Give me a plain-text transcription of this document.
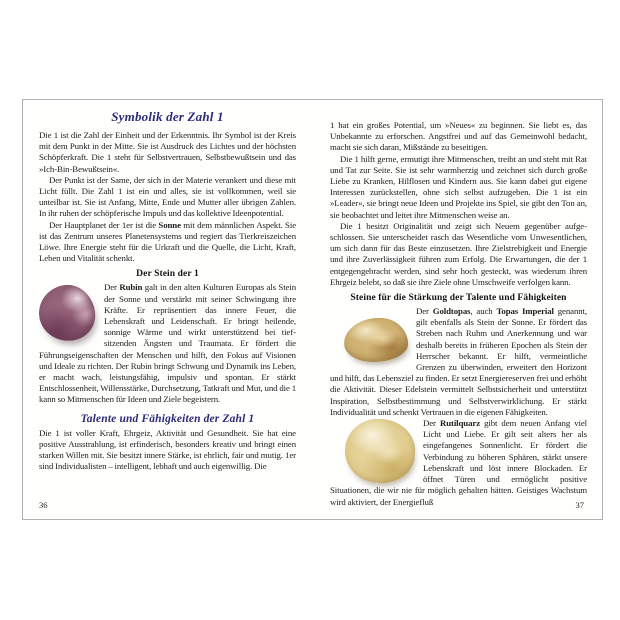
Symbolik der Zahl 1

Die 1 ist die Zahl der Einheit und der Erkenntnis. Ihr Symbol ist der Kreis mit dem Punkt in der Mitte. Sie ist Ausdruck des Lichtes und der höchsten Schöpferkraft. Die 1 steht für Selbstvertrauen, Selbstbewußtsein und das »Ich-Bin-Bewußtsein«.

Der Punkt ist der Same, der sich in der Materie verankert und diese mit Licht füllt. Die Zahl 1 ist ein und alles, sie ist vollkommen, weil sie unteilbar ist. Sie ist Anfang, Mitte, Ende und Mutter aller übrigen Zahlen. In ihr ruhen der schöpferische Impuls und das kollektive Ideenpotential.

Der Hauptplanet der 1er ist die Sonne mit dem männlichen Aspekt. Sie ist das Zentrum unseres Planetensystems und regiert das Tierkreiszeichen Löwe. Ihre Energie steht für die Urkraft und die Quelle, die Licht, Kraft, Leben und Vitalität schenkt.

Der Stein der 1

Der Rubin galt in den alten Kulturen Europas als Stein der Sonne und verstärkt mit seiner Schwingung ihre Kräfte. Er repräsentiert das innere Feuer, die Lebenskraft und Leidenschaft. Er bringt heilende, sonnige Wärme und wirkt unterstützend bei tiefsitzenden Ängsten und Traumata. Er fördert die Führungseigenschaften der Menschen und hilft, den Fokus auf Visionen und Ideale zu richten. Der Rubin bringt Schwung und Dynamik ins Leben, er macht wach, leistungsfähig, impulsiv und spontan. Er stärkt Entschlossenheit, Willensstärke, Durchsetzung, Tatkraft und Mut, und die 1 kann so Mitmenschen für Ideen und Ziele begeistern.

Talente und Fähigkeiten der Zahl 1

Die 1 ist voller Kraft, Ehrgeiz, Aktivität und Gesundheit. Sie hat eine positive Ausstrahlung, ist erfinderisch, besonders kreativ und bringt einen starken Willen mit. Sie besitzt innere Stärke, ist ehrlich, fair und mutig. 1er sind Individualisten – intelligent, lebhaft und auch eigenwillig. Die

1 hat ein großes Potential, um »Neues« zu beginnen. Sie liebt es, das Unbekannte zu erforschen. Angstfrei und auf das Gemeinwohl bedacht, macht sie sich daran, Mißstände zu beseitigen.

Die 1 hilft gerne, ermutigt ihre Mitmenschen, treibt an und steht mit Rat und Tat zur Seite. Sie ist sehr warmherzig und zeichnet sich durch große Liebe zu Kranken, Hilflosen und Kindern aus. Sie kann dabei gut eigene Interessen zurückstellen, ohne sich selbst aufzugeben. Die 1 ist ein »Leader«, sie bringt neue Ideen und Projekte ins Spiel, sie gibt den Ton an, sie beobachtet und leitet ihre Mitmenschen weise an.

Die 1 besitzt Originalität und zeigt sich Neuem gegenüber aufgeschlossen. Sie unterscheidet rasch das Wesentliche vom Unwesentlichen, um sich dann für das Beste einzusetzen. Ihre Zielstrebigkeit und Energie und ihre Zuverlässigkeit führen zum Erfolg. Die Erwartungen, die der 1 entgegengebracht werden, sind sehr hoch gesteckt, was wiederum ihren Ehrgeiz belebt, so daß sie ihre Ziele ohne Umschweife verfolgen kann.

Steine für die Stärkung der Talente und Fähigkeiten

Der Goldtopas, auch Topas Imperial genannt, gilt ebenfalls als Stein der Sonne. Er fördert das Streben nach Ruhm und Anerkennung und war deshalb bereits in früheren Epochen als Stein der Herrscher bekannt. Er hilft, vermeintliche Grenzen zu überwinden, erweitert den Horizont und hilft, das Lebensziel zu finden. Er setzt Energiereserven frei und erhöht die Aktivität. Dieser Edelstein vermittelt Selbstsicherheit und unterstützt Inspiration, Selbstbestimmung und Selbstverwirklichung. Er stärkt Individualität und schenkt Vertrauen in die eigenen Fähigkeiten.

Der Rutilquarz gibt dem neuen Anfang viel Licht und Liebe. Er gilt seit alters her als eingefangenes Sonnenlicht. Er fördert die Verbindung zu höheren Sphären, stärkt unsere Lebenskraft und löst innere Blockaden. Er öffnet Türen und ermöglicht positive Situationen, die wir nie für möglich gehalten hätten. Geistiges Wachstum wird aktiviert, der Energiefluß

36	37
